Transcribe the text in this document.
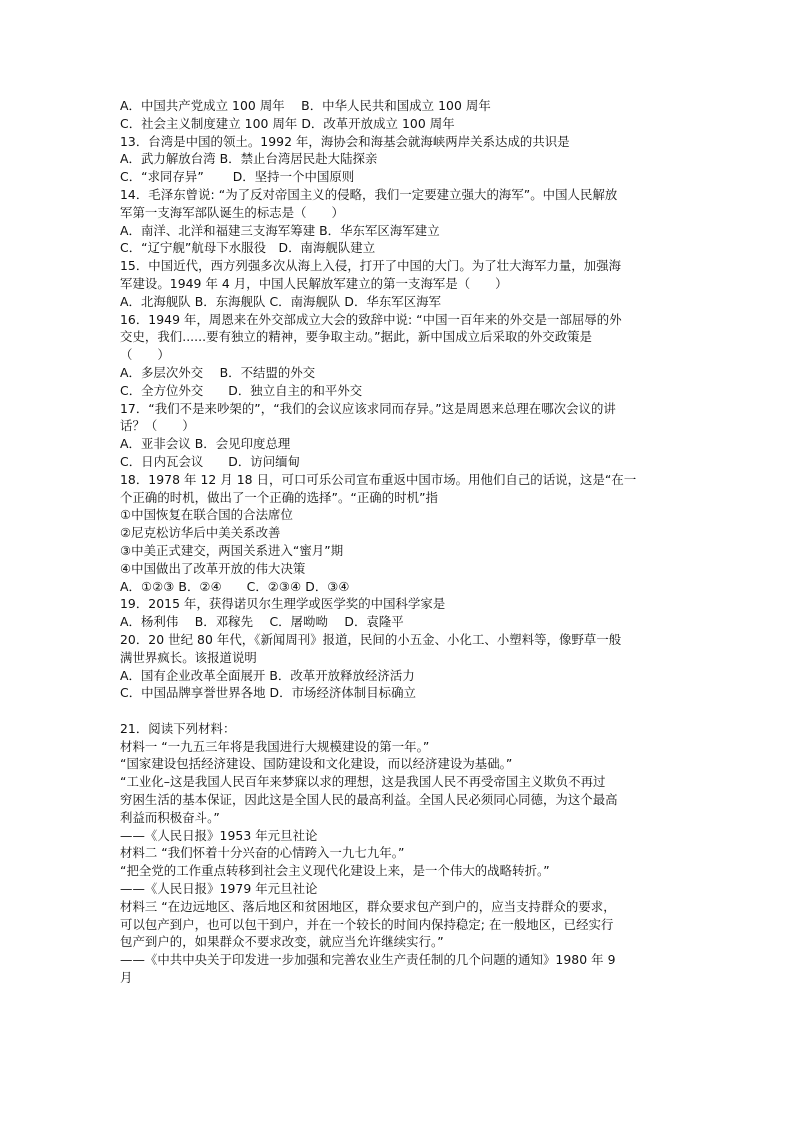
A．中国共产党成立 100 周年　 B．中华人民共和国成立 100 周年
C．社会主义制度建立 100 周年 D．改革开放成立 100 周年
13．台湾是中国的领土。1992 年，海协会和海基会就海峡两岸关系达成的共识是
A．武力解放台湾 B．禁止台湾居民赴大陆探亲
C．“求同存异”　　 D．坚持一个中国原则
14．毛泽东曾说: “为了反对帝国主义的侵略，我们一定要建立强大的海军”。中国人民解放
军第一支海军部队诞生的标志是（　　）
A．南洋、北洋和福建三支海军筹建 B．华东军区海军建立
C．“辽宁舰”航母下水服役　D．南海舰队建立
15．中国近代，西方列强多次从海上入侵，打开了中国的大门。为了壮大海军力量，加强海
军建设。1949 年 4 月，中国人民解放军建立的第一支海军是（　　）
A．北海舰队 B．东海舰队 C．南海舰队 D．华东军区海军
16．1949 年，周恩来在外交部成立大会的致辞中说: “中国一百年来的外交是一部屈辱的外
交史，我们......要有独立的精神，要争取主动。”据此，新中国成立后采取的外交政策是
（　　）
A．多层次外交　 B．不结盟的外交
C．全方位外交　　D．独立自主的和平外交
17．“我们不是来吵架的”，“我们的会议应该求同而存异。”这是周恩来总理在哪次会议的讲
话？（　　）
A．亚非会议 B．会见印度总理
C．日内瓦会议　　D．访问缅甸
18．1978 年 12 月 18 日，可口可乐公司宣布重返中国市场。用他们自己的话说，这是“在一
个正确的时机，做出了一个正确的选择”。“正确的时机”指
①中国恢复在联合国的合法席位
②尼克松访华后中美关系改善
③中美正式建交，两国关系进入“蜜月”期
④中国做出了改革开放的伟大决策
A．①②③ B．②④　　C．②③④ D．③④
19．2015 年，获得诺贝尔生理学或医学奖的中国科学家是
A．杨利伟　 B．邓稼先　 C．屠呦呦　 D．袁隆平
20．20 世纪 80 年代，《新闻周刊》报道，民间的小五金、小化工、小塑料等，像野草一般
满世界疯长。该报道说明
A．国有企业改革全面展开 B．改革开放释放经济活力
C．中国品牌享誉世界各地 D．市场经济体制目标确立
21．阅读下列材料：
材料一 “一九五三年将是我国进行大规模建设的第一年。”
“国家建设包括经济建设、国防建设和文化建设，而以经济建设为基础。”
“工业化–这是我国人民百年来梦寐以求的理想，这是我国人民不再受帝国主义欺负不再过
穷困生活的基本保证，因此这是全国人民的最高利益。全国人民必须同心同德，为这个最高
利益而积极奋斗。”
——《人民日报》1953 年元旦社论
材料二 “我们怀着十分兴奋的心情跨入一九七九年。”
“把全党的工作重点转移到社会主义现代化建设上来，是一个伟大的战略转折。”
——《人民日报》1979 年元旦社论
材料三 “在边远地区、落后地区和贫困地区，群众要求包产到户的，应当支持群众的要求，
可以包产到户，也可以包干到户，并在一个较长的时间内保持稳定; 在一般地区，已经实行
包产到户的，如果群众不要求改变，就应当允许继续实行。”
——《中共中央关于印发进一步加强和完善农业生产责任制的几个问题的通知》1980 年 9
月
